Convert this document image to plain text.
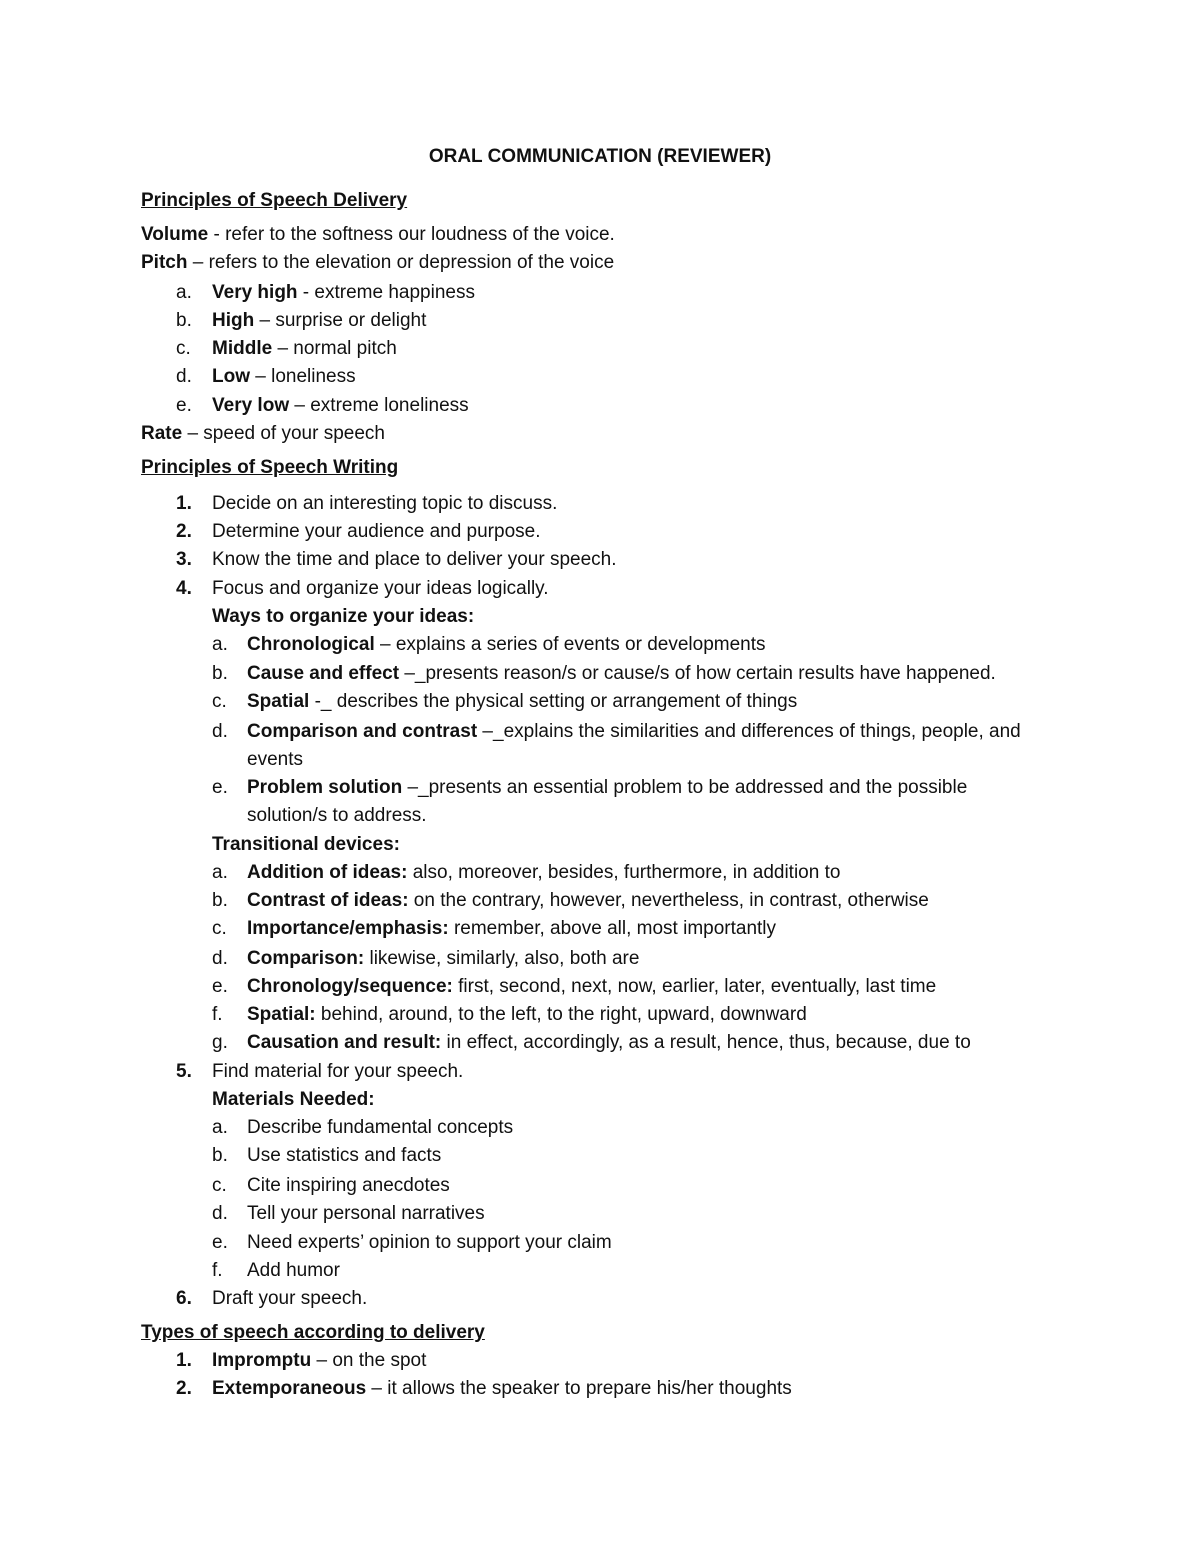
ORAL COMMUNICATION (REVIEWER)
Principles of Speech Delivery
Volume - refer to the softness our loudness of the voice.
Pitch – refers to the elevation or depression of the voice
a. Very high - extreme happiness
b. High – surprise or delight
c. Middle – normal pitch
d. Low – loneliness
e. Very low – extreme loneliness
Rate – speed of your speech
Principles of Speech Writing
1. Decide on an interesting topic to discuss.
2. Determine your audience and purpose.
3. Know the time and place to deliver your speech.
4. Focus and organize your ideas logically.
Ways to organize your ideas:
a. Chronological – explains a series of events or developments
b. Cause and effect –_presents reason/s or cause/s of how certain results have happened.
c. Spatial -_ describes the physical setting or arrangement of things
d. Comparison and contrast –_explains the similarities and differences of things, people, and
events
e. Problem solution –_presents an essential problem to be addressed and the possible
solution/s to address.
Transitional devices:
a. Addition of ideas: also, moreover, besides, furthermore, in addition to
b. Contrast of ideas: on the contrary, however, nevertheless, in contrast, otherwise
c. Importance/emphasis: remember, above all, most importantly
d. Comparison: likewise, similarly, also, both are
e. Chronology/sequence: first, second, next, now, earlier, later, eventually, last time
f. Spatial: behind, around, to the left, to the right, upward, downward
g. Causation and result: in effect, accordingly, as a result, hence, thus, because, due to
5. Find material for your speech.
Materials Needed:
a. Describe fundamental concepts
b. Use statistics and facts
c. Cite inspiring anecdotes
d. Tell your personal narratives
e. Need experts’ opinion to support your claim
f. Add humor
6. Draft your speech.
Types of speech according to delivery
1. Impromptu – on the spot
2. Extemporaneous – it allows the speaker to prepare his/her thoughts
